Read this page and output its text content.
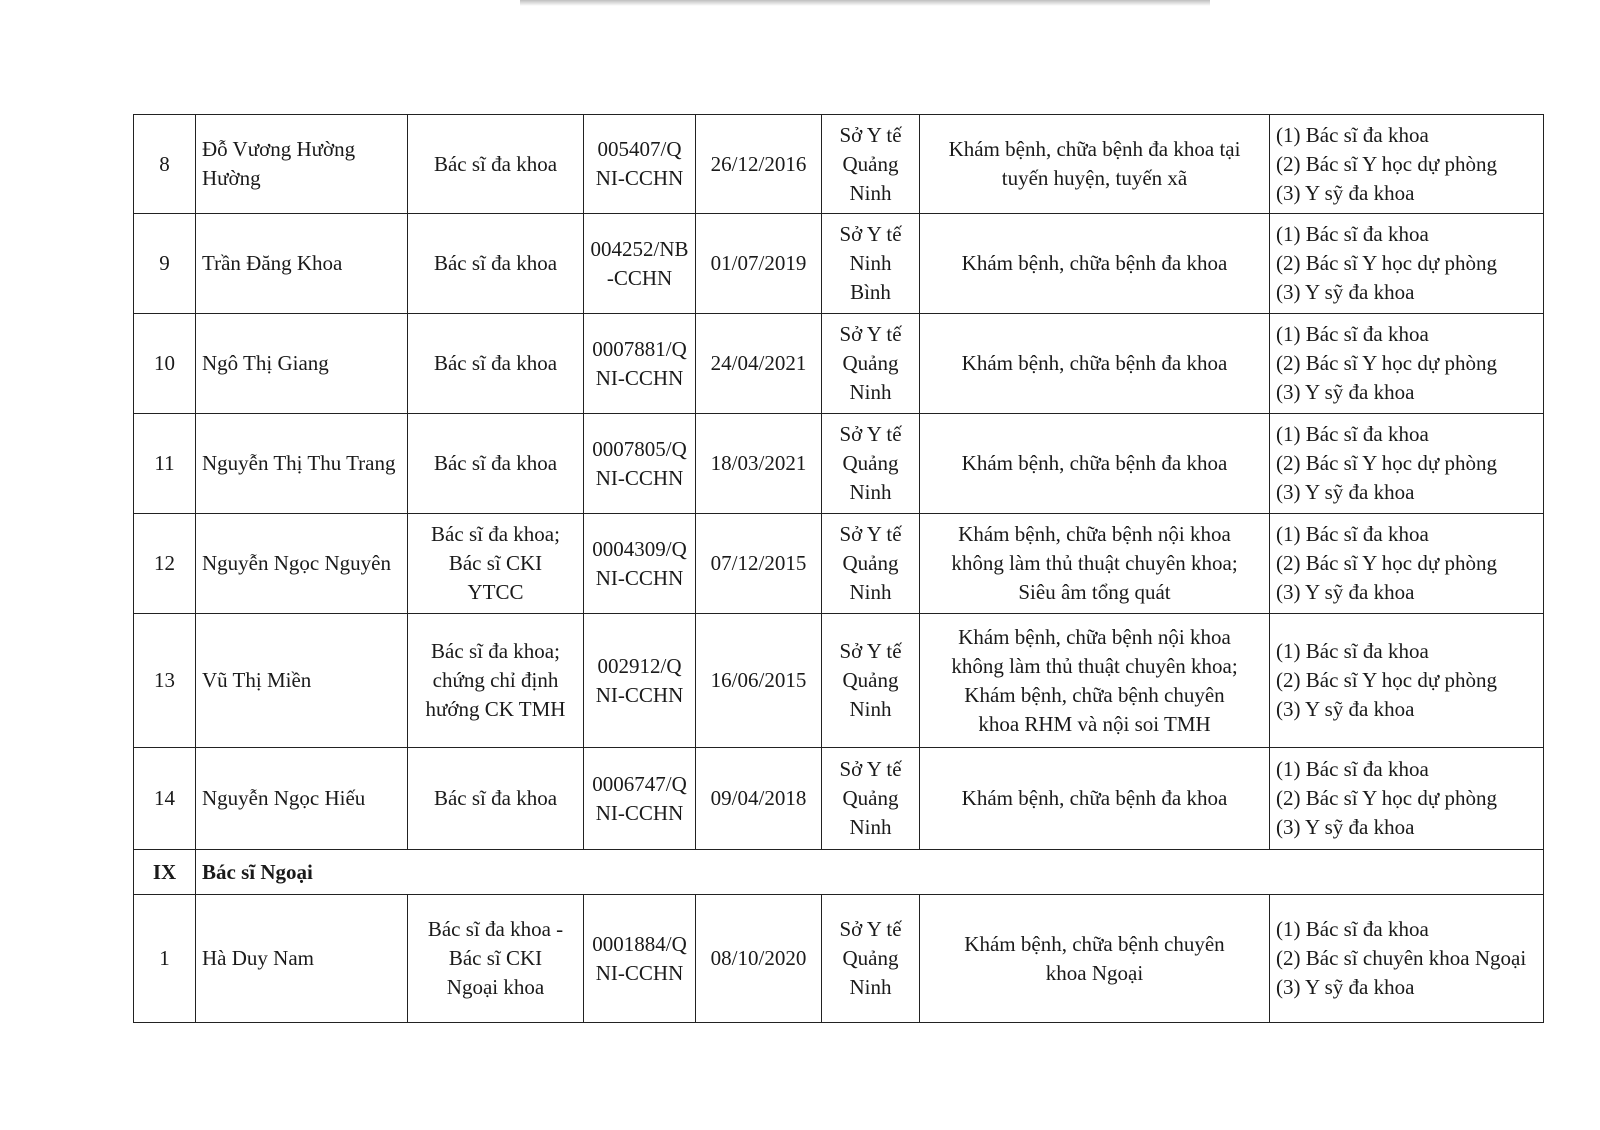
8	Đỗ Vương Hường Hường	Bác sĩ đa khoa	005407/QNI-CCHN	26/12/2016	Sở Y tế Quảng Ninh	Khám bệnh, chữa bệnh đa khoa tại
tuyến huyện, tuyến xã	(1) Bác sĩ đa khoa
(2) Bác sĩ Y học dự phòng
(3) Y sỹ đa khoa

9	Trần Đăng Khoa	Bác sĩ đa khoa	004252/NB-CCHN	01/07/2019	Sở Y tế Ninh Bình	Khám bệnh, chữa bệnh đa khoa	(1) Bác sĩ đa khoa
(2) Bác sĩ Y học dự phòng
(3) Y sỹ đa khoa

10	Ngô Thị Giang	Bác sĩ đa khoa	0007881/QNI-CCHN	24/04/2021	Sở Y tế Quảng Ninh	Khám bệnh, chữa bệnh đa khoa	(1) Bác sĩ đa khoa
(2) Bác sĩ Y học dự phòng
(3) Y sỹ đa khoa

11	Nguyễn Thị Thu Trang	Bác sĩ đa khoa	0007805/QNI-CCHN	18/03/2021	Sở Y tế Quảng Ninh	Khám bệnh, chữa bệnh đa khoa	(1) Bác sĩ đa khoa
(2) Bác sĩ Y học dự phòng
(3) Y sỹ đa khoa

12	Nguyễn Ngọc Nguyên	Bác sĩ đa khoa;
Bác sĩ CKI
YTCC	0004309/QNI-CCHN	07/12/2015	Sở Y tế Quảng Ninh	Khám bệnh, chữa bệnh nội khoa
không làm thủ thuật chuyên khoa;
Siêu âm tổng quát	(1) Bác sĩ đa khoa
(2) Bác sĩ Y học dự phòng
(3) Y sỹ đa khoa

13	Vũ Thị Miền	Bác sĩ đa khoa;
chứng chỉ định
hướng CK TMH	002912/QNI-CCHN	16/06/2015	Sở Y tế Quảng Ninh	Khám bệnh, chữa bệnh nội khoa
không làm thủ thuật chuyên khoa;
Khám bệnh, chữa bệnh chuyên
khoa RHM và nội soi TMH	(1) Bác sĩ đa khoa
(2) Bác sĩ Y học dự phòng
(3) Y sỹ đa khoa

14	Nguyễn Ngọc Hiếu	Bác sĩ đa khoa	0006747/QNI-CCHN	09/04/2018	Sở Y tế Quảng Ninh	Khám bệnh, chữa bệnh đa khoa	(1) Bác sĩ đa khoa
(2) Bác sĩ Y học dự phòng
(3) Y sỹ đa khoa

IX	Bác sĩ Ngoại						
1	Hà Duy Nam	Bác sĩ đa khoa -
Bác sĩ CKI
Ngoại khoa	0001884/QNI-CCHN	08/10/2020	Sở Y tế Quảng Ninh	Khám bệnh, chữa bệnh chuyên
khoa Ngoại	(1) Bác sĩ đa khoa
(2) Bác sĩ chuyên khoa Ngoại
(3) Y sỹ đa khoa
